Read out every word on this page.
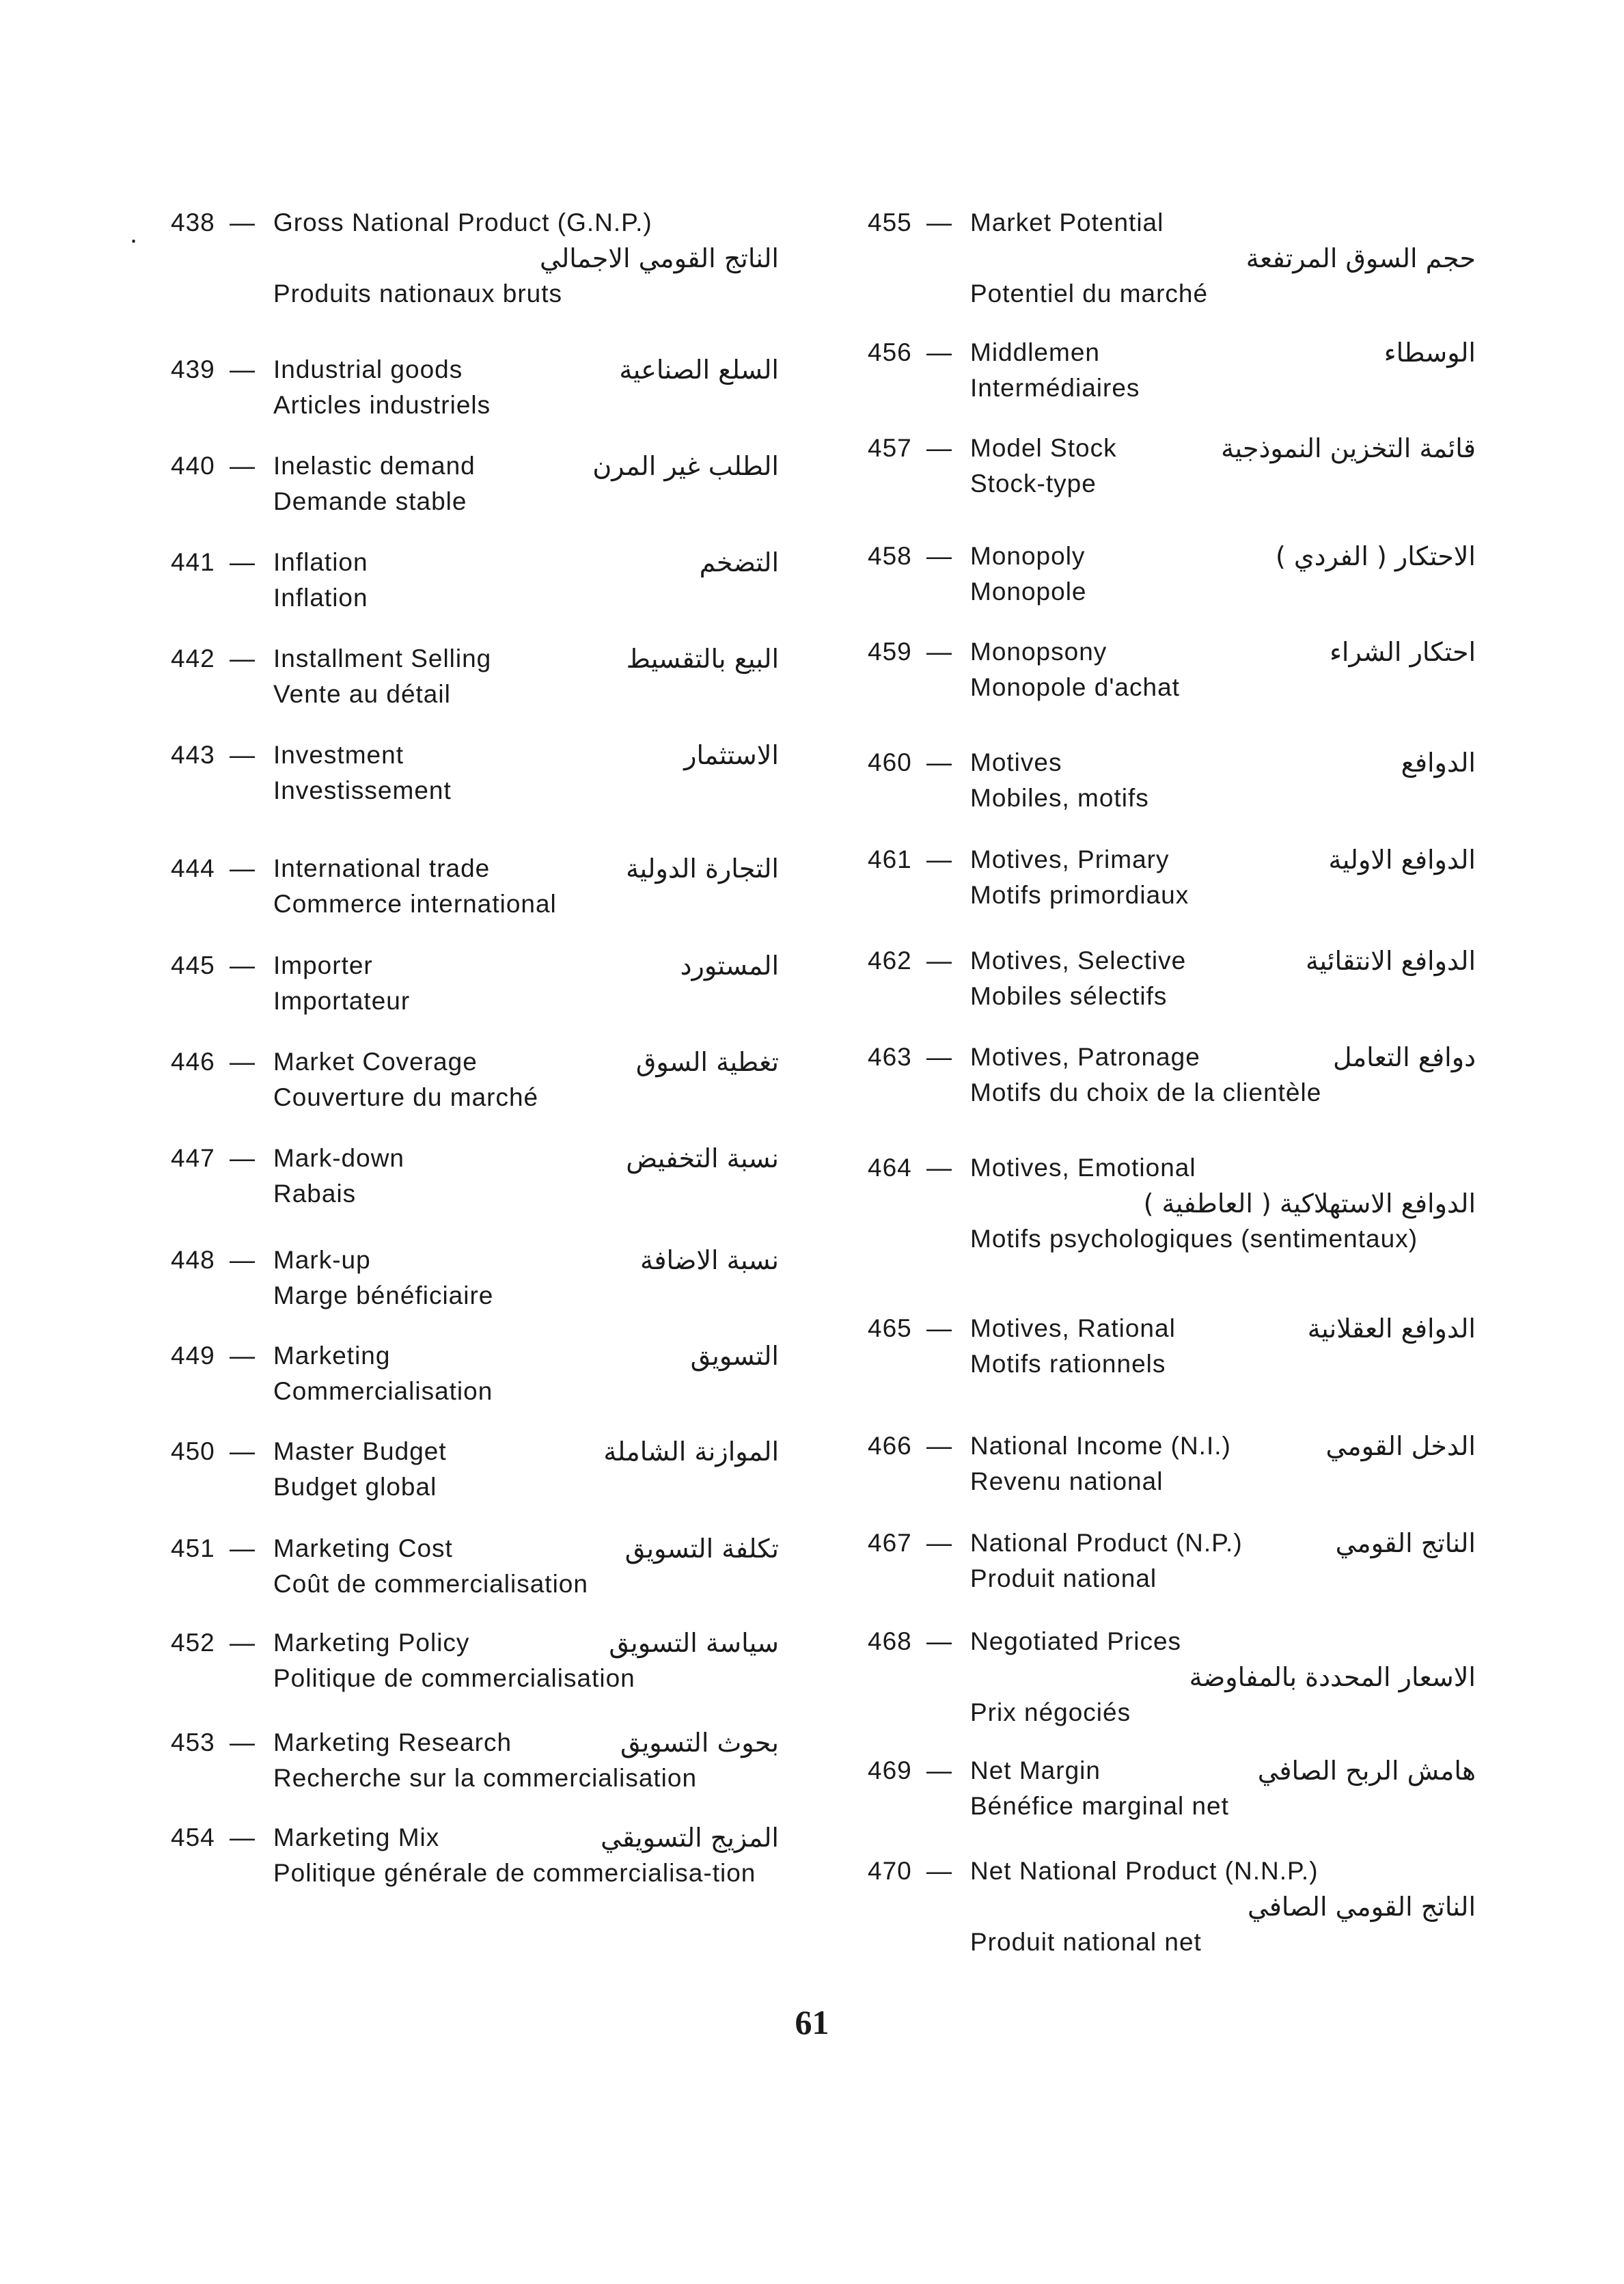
. 438 — Gross National Product (G.N.P.)
الناتج القومي الاجمالي
Produits nationaux bruts
439 — Industrial goods	السلع الصناعية
Articles industriels
440 — Inelastic demand	الطلب غير المرن
Demande stable
441 — Inflation	التضخم
Inflation
442 — Installment Selling	البيع بالتقسيط
Vente au détail
443 — Investment	الاستثمار
Investissement
444 — International trade	التجارة الدولية
Commerce international
445 — Importer	المستورد
Importateur
446 — Market Coverage	تغطية السوق
Couverture du marché
447 — Mark-down	نسبة التخفيض
Rabais
448 — Mark-up	نسبة الاضافة
Marge bénéficiaire
449 — Marketing	التسويق
Commercialisation
450 — Master Budget	الموازنة الشاملة
Budget global
451 — Marketing Cost	تكلفة التسويق
Coût de commercialisation
452 — Marketing Policy	سياسة التسويق
Politique de commercialisation
453 — Marketing Research	بحوث التسويق
Recherche sur la commercialisation
454 — Marketing Mix	المزيج التسويقي
Politique générale de commercialisa-tion
455 — Market Potential
حجم السوق المرتفعة
Potentiel du marché
456 — Middlemen	الوسطاء
Intermédiaires
457 — Model Stock	قائمة التخزين النموذجية
Stock-type
458 — Monopoly	الاحتكار ( الفردي )
Monopole
459 — Monopsony	احتكار الشراء
Monopole d'achat
460 — Motives	الدوافع
Mobiles, motifs
461 — Motives, Primary	الدوافع الاولية
Motifs primordiaux
462 — Motives, Selective	الدوافع الانتقائية
Mobiles sélectifs
463 — Motives, Patronage	دوافع التعامل
Motifs du choix de la clientèle
464 — Motives, Emotional
الدوافع الاستهلاكية ( العاطفية )
Motifs psychologiques (sentimentaux)
465 — Motives, Rational	الدوافع العقلانية
Motifs rationnels
466 — National Income (N.I.)	الدخل القومي
Revenu national
467 — National Product (N.P.)	الناتج القومي
Produit national
468 — Negotiated Prices
الاسعار المحددة بالمفاوضة
Prix négociés
469 — Net Margin	هامش الربح الصافي
Bénéfice marginal net
470 — Net National Product (N.N.P.)
الناتج القومي الصافي
Produit national net
61
